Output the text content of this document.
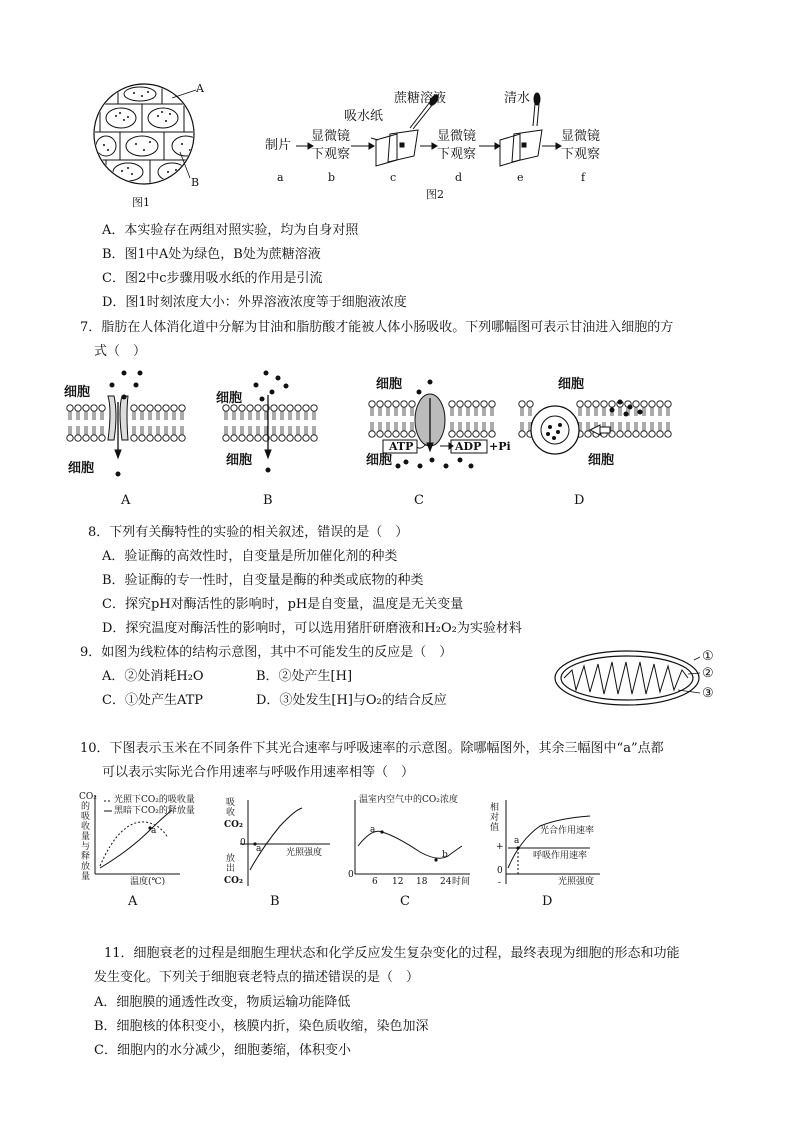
A
B
图1
制片
显微镜
下观察
显微镜
下观察
显微镜
下观察
吸水纸
蔗糖溶液	清水
a	b	c	d	e	f
图2
A．本实验存在两组对照实验，均为自身对照
B．图1中A处为绿色，B处为蔗糖溶液
C．图2中c步骤用吸水纸的作用是引流
D．图1时刻浓度大小：外界溶液浓度等于细胞液浓度
7．脂肪在人体消化道中分解为甘油和脂肪酸才能被人体小肠吸收。下列哪幅图可表示甘油进入细胞的方
式（　）
细胞
细胞
细胞
细胞
细胞
细胞
细胞
细胞
ATP	ADP +Pi
A	B	C	D
8．下列有关酶特性的实验的相关叙述，错误的是（　）
A．验证酶的高效性时，自变量是所加催化剂的种类
B．验证酶的专一性时，自变量是酶的种类或底物的种类
C．探究pH对酶活性的影响时，pH是自变量，温度是无关变量
D．探究温度对酶活性的影响时，可以选用猪肝研磨液和H₂O₂为实验材料
9．如图为线粒体的结构示意图，其中不可能发生的反应是（　）
A．②处消耗H₂O	B．②处产生[H]
C．①处产生ATP	D．③处发生[H]与O₂的结合反应
①
②
③
10．下图表示玉米在不同条件下其光合速率与呼吸速率的示意图。除哪幅图外，其余三幅图中“a”点都
可以表示实际光合作用速率与呼吸作用速率相等（　）
CO₂
的
吸
收
量
与
释
放
量
光照下CO₂的吸收量
黑暗下CO₂的释放量
a
温度(℃)
A
吸
收
CO₂
0
a	光照强度
放
出
CO₂
B
温室内空气中的CO₂浓度
a
b
0
6 12 18 24 时间
C
相
对
值
+
0
-
a
光合作用速率
呼吸作用速率
光照强度
D
11．细胞衰老的过程是细胞生理状态和化学反应发生复杂变化的过程，最终表现为细胞的形态和功能
发生变化。下列关于细胞衰老特点的描述错误的是（　）
A．细胞膜的通透性改变，物质运输功能降低
B．细胞核的体积变小，核膜内折，染色质收缩，染色加深
C．细胞内的水分减少，细胞萎缩，体积变小
